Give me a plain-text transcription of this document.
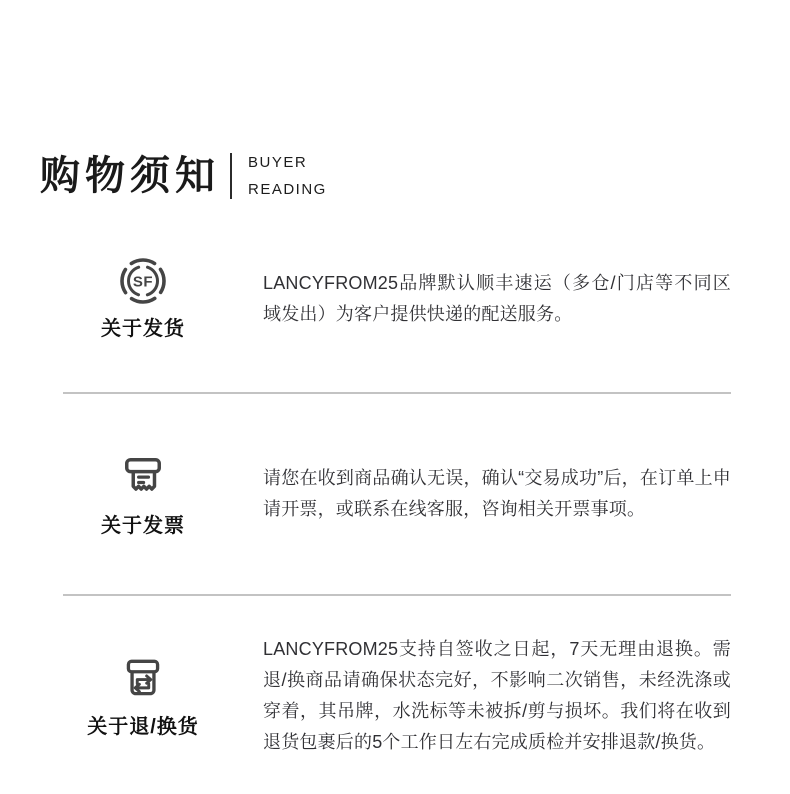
购物须知 BUYER
READING
SF
关于发货

LANCYFROM25品牌默认顺丰速运（多仓/门店等不同区域发出）为客户提供快递的配送服务。

关于发票

请您在收到商品确认无误，确认“交易成功”后，在订单上申请开票，或联系在线客服，咨询相关开票事项。

关于退/换货

LANCYFROM25支持自签收之日起，7天无理由退换。需退/换商品请确保状态完好，不影响二次销售，未经洗涤或穿着，其吊牌，水洗标等未被拆/剪与损坏。我们将在收到退货包裹后的5个工作日左右完成质检并安排退款/换货。
